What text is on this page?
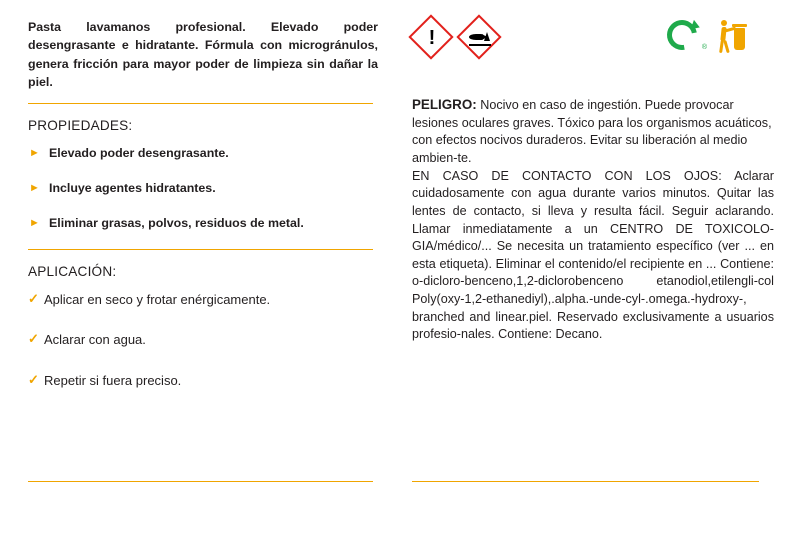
Pasta lavamanos profesional. Elevado poder desengrasante e hidratante. Fórmula con microgránulos, genera fricción para mayor poder de limpieza sin dañar la piel.

PROPIEDADES:
► Elevado poder desengrasante.
► Incluye agentes hidratantes.
► Eliminar grasas, polvos, residuos de metal.
APLICACIÓN:
✓ Aplicar en seco y frotar enérgicamente.
✓ Aclarar con agua.
✓ Repetir si fuera preciso.
!	®

PELIGRO: Nocivo en caso de ingestión. Puede provocar lesiones oculares graves. Tóxico para los organismos acuáticos, con efectos nocivos duraderos. Evitar su liberación al medio ambien-te.

EN CASO DE CONTACTO CON LOS OJOS: Aclarar cuidadosamente con agua durante varios minutos. Quitar las lentes de contacto, si lleva y resulta fácil. Seguir aclarando. Llamar inmediatamente a un CENTRO DE TOXICOLO-GIA/médico/... Se necesita un tratamiento específico (ver ... en esta etiqueta). Eliminar el contenido/el recipiente en ... Contiene: o-dicloro-benceno,1,2-diclorobenceno etanodiol,etilengli-col Poly(oxy-1,2-ethanediyl),.alpha.-unde-cyl-.omega.-hydroxy-, branched and linear.piel. Reservado exclusivamente a usuarios profesio-nales. Contiene: Decano.
